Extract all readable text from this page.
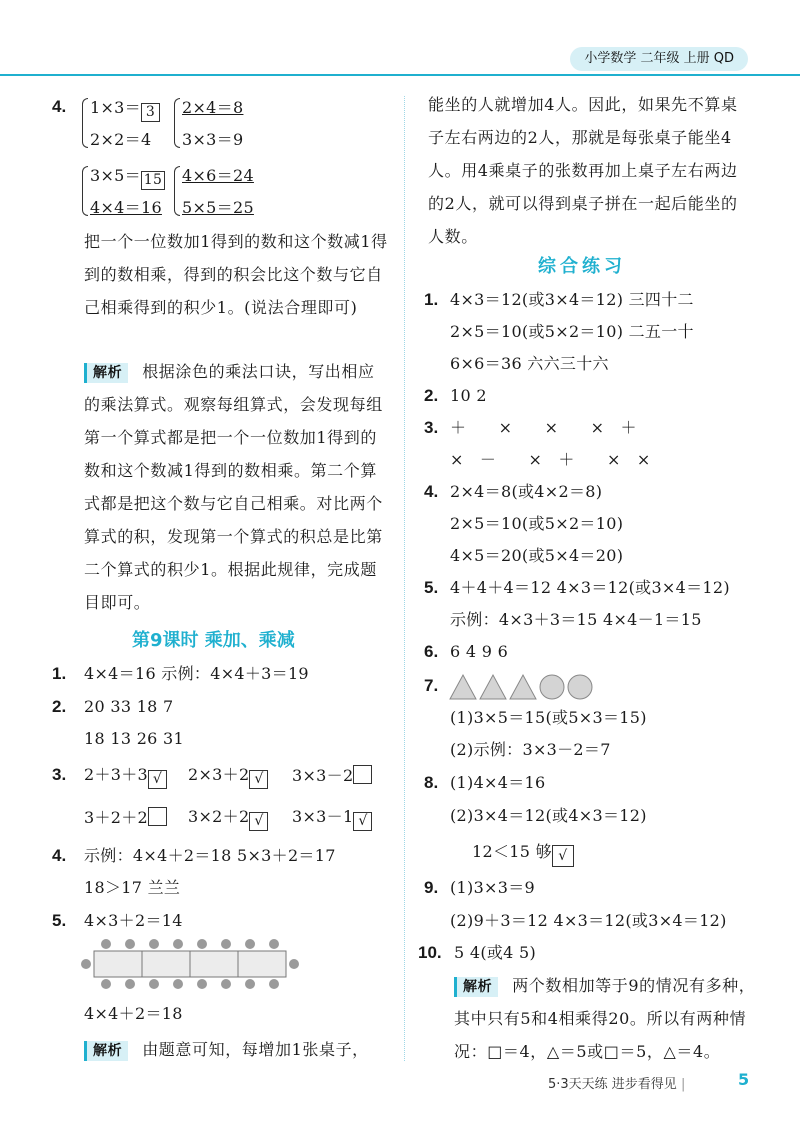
小学数学 二年级 上册 QD
4. 1×3＝ 3
2×2＝4
2×4＝8
3×3＝9
3×5＝ 15
4×4＝16
4×6＝24
5×5＝25
把一个一位数加1得到的数和这个数减1得到的数相乘，得到的积会比这个数与它自己相乘得到的积少1。(说法合理即可)
解析 根据涂色的乘法口诀，写出相应的乘法算式。观察每组算式，会发现每组第一个算式都是把一个一位数加1得到的数和这个数减1得到的数相乘。第二个算式都是把这个数与它自己相乘。对比两个算式的积，发现第一个算式的积总是比第二个算式的积少1。根据此规律，完成题目即可。
第9课时 乘加、乘减
1. 4×4＝16 示例：4×4＋3＝19
2. 20 33 18 7
18 13 26 31
3. 2＋3＋3 √	2×3＋2 √	3×3－2
3＋2＋2	3×2＋2 √	3×3－1 √
4. 示例：4×4＋2＝18 5×3＋2＝17
18＞17 兰兰
5. 4×3＋2＝14
4×4＋2＝18
解析 由题意可知，每增加1张桌子，
能坐的人就增加4人。因此，如果先不算桌子左右两边的2人，那就是每张桌子能坐4人。用4乘桌子的张数再加上桌子左右两边的2人，就可以得到桌子拼在一起后能坐的人数。
综合练习
1. 4×3＝12(或3×4＝12) 三四十二
2×5＝10(或5×2＝10) 二五一十
6×6＝36 六六三十六
2. 10 2
3. ＋      ×      ×      ×   ＋
×   －      ×   ＋      ×   ×
4. 2×4＝8(或4×2＝8)
2×5＝10(或5×2＝10)
4×5＝20(或5×4＝20)
5. 4＋4＋4＝12 4×3＝12(或3×4＝12)
示例：4×3＋3＝15 4×4－1＝15
6. 6 4 9 6
7.
(1)3×5＝15(或5×3＝15)
(2)示例：3×3－2＝7
8. (1)4×4＝16
(2)3×4＝12(或4×3＝12)
12＜15 够 √
9. (1)3×3＝9
(2)9＋3＝12 4×3＝12(或3×4＝12)
10. 5 4(或4 5)
解析 两个数相加等于9的情况有多种，其中只有5和4相乘得20。所以有两种情况：□＝4，△＝5或□＝5，△＝4。
5·3天天练 进步看得见 |	5
